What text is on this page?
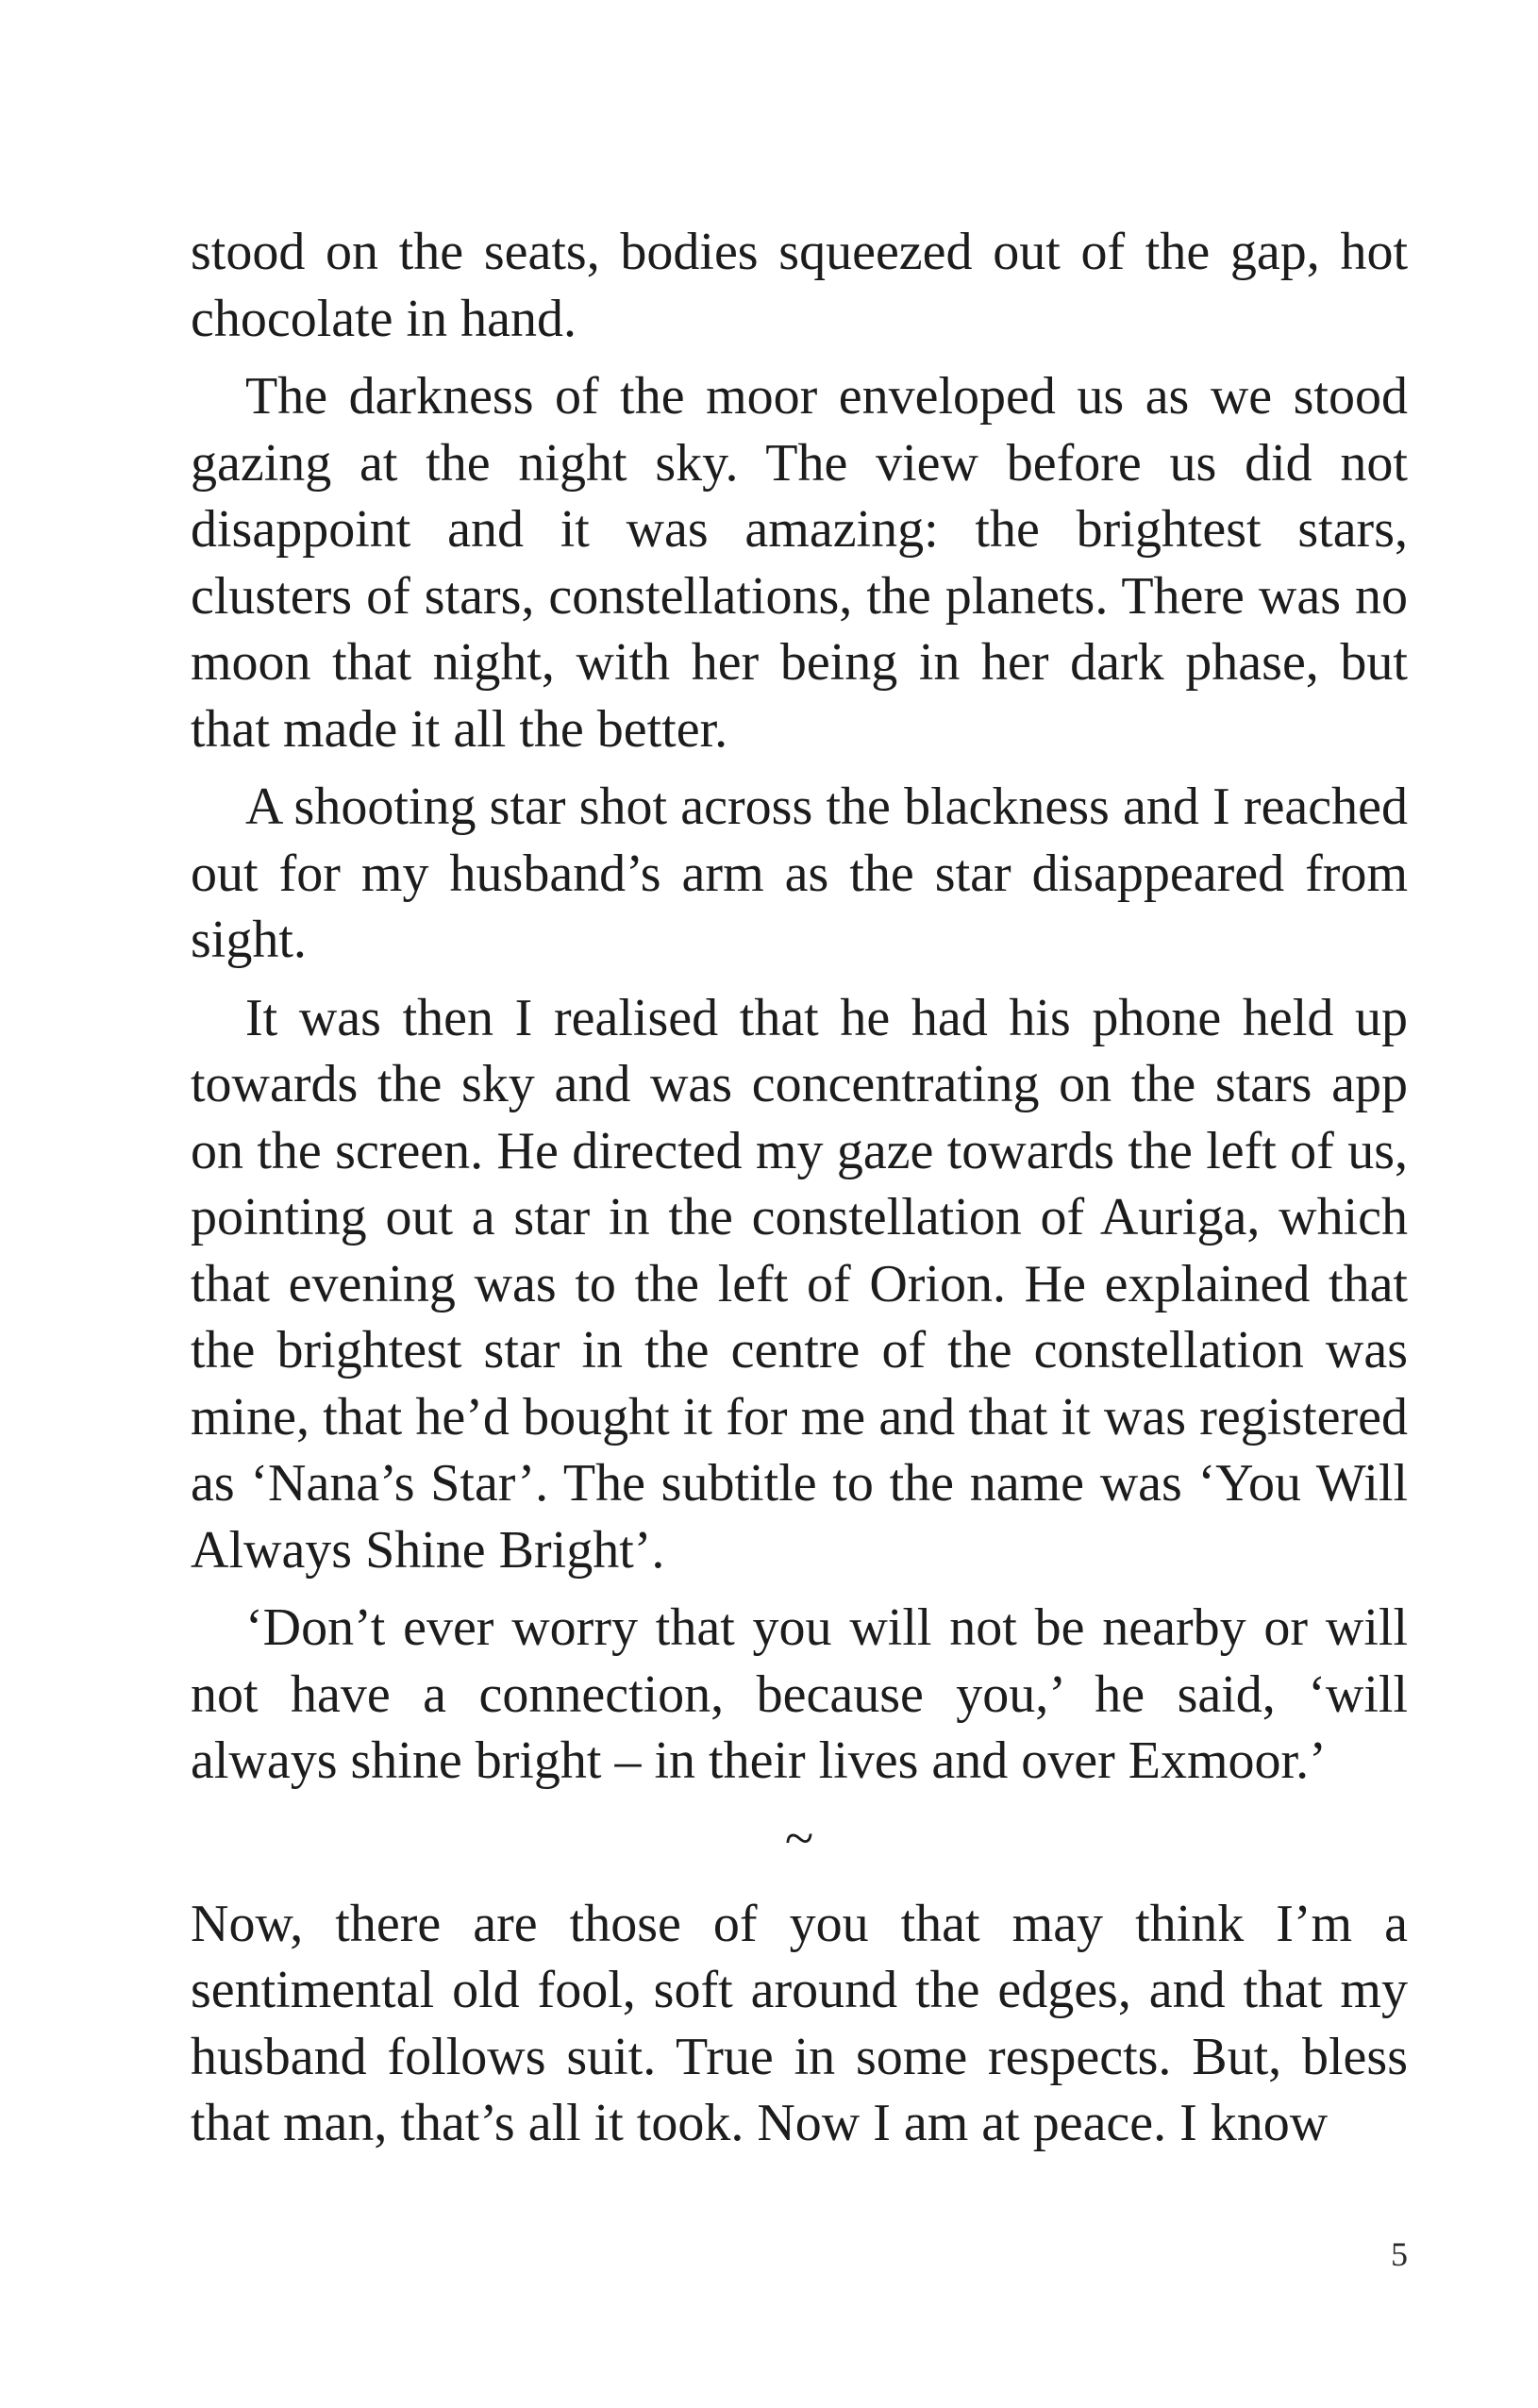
stood on the seats, bodies squeezed out of the gap, hot chocolate in hand.

The darkness of the moor enveloped us as we stood gazing at the night sky. The view before us did not disappoint and it was amazing: the brightest stars, clusters of stars, constellations, the planets. There was no moon that night, with her being in her dark phase, but that made it all the better.

A shooting star shot across the blackness and I reached out for my husband’s arm as the star disappeared from sight.

It was then I realised that he had his phone held up towards the sky and was concentrating on the stars app on the screen. He directed my gaze towards the left of us, pointing out a star in the constellation of Auriga, which that evening was to the left of Orion. He explained that the brightest star in the centre of the constellation was mine, that he’d bought it for me and that it was registered as ‘Nana’s Star’. The subtitle to the name was ‘You Will Always Shine Bright’.

‘Don’t ever worry that you will not be nearby or will not have a connection, because you,’ he said, ‘will always shine bright – in their lives and over Exmoor.’

~

Now, there are those of you that may think I’m a sentimental old fool, soft around the edges, and that my husband follows suit. True in some respects. But, bless that man, that’s all it took. Now I am at peace. I know

5
